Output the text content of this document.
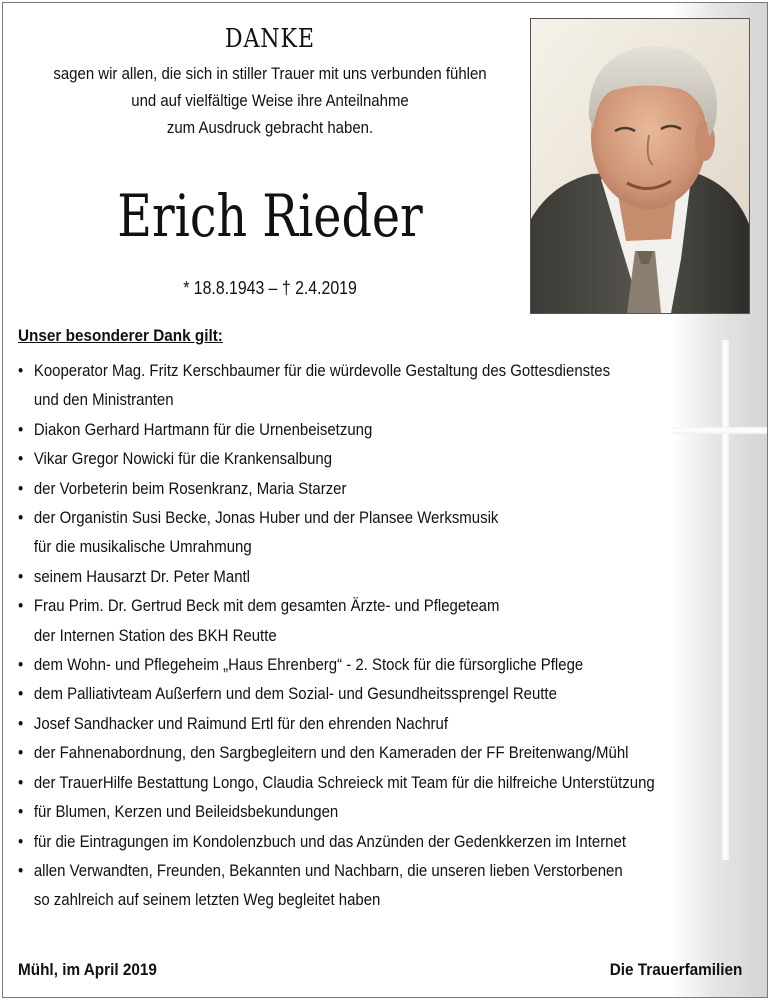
DANKE
sagen wir allen, die sich in stiller Trauer mit uns verbunden fühlen
und auf vielfältige Weise ihre Anteilnahme
zum Ausdruck gebracht haben.
Erich Rieder
* 18.8.1943 – † 2.4.2019
Unser besonderer Dank gilt:
• Kooperator Mag. Fritz Kerschbaumer für die würdevolle Gestaltung des Gottesdienstes
und den Ministranten
• Diakon Gerhard Hartmann für die Urnenbeisetzung
• Vikar Gregor Nowicki für die Krankensalbung
• der Vorbeterin beim Rosenkranz, Maria Starzer
• der Organistin Susi Becke, Jonas Huber und der Plansee Werksmusik
für die musikalische Umrahmung
• seinem Hausarzt Dr. Peter Mantl
• Frau Prim. Dr. Gertrud Beck mit dem gesamten Ärzte- und Pflegeteam
der Internen Station des BKH Reutte
• dem Wohn- und Pflegeheim „Haus Ehrenberg“ - 2. Stock für die fürsorgliche Pflege
• dem Palliativteam Außerfern und dem Sozial- und Gesundheitssprengel Reutte
• Josef Sandhacker und Raimund Ertl für den ehrenden Nachruf
• der Fahnenabordnung, den Sargbegleitern und den Kameraden der FF Breitenwang/Mühl
• der TrauerHilfe Bestattung Longo, Claudia Schreieck mit Team für die hilfreiche Unterstützung
• für Blumen, Kerzen und Beileidsbekundungen
• für die Eintragungen im Kondolenzbuch und das Anzünden der Gedenkkerzen im Internet
• allen Verwandten, Freunden, Bekannten und Nachbarn, die unseren lieben Verstorbenen
so zahlreich auf seinem letzten Weg begleitet haben
Mühl, im April 2019	Die Trauerfamilien
